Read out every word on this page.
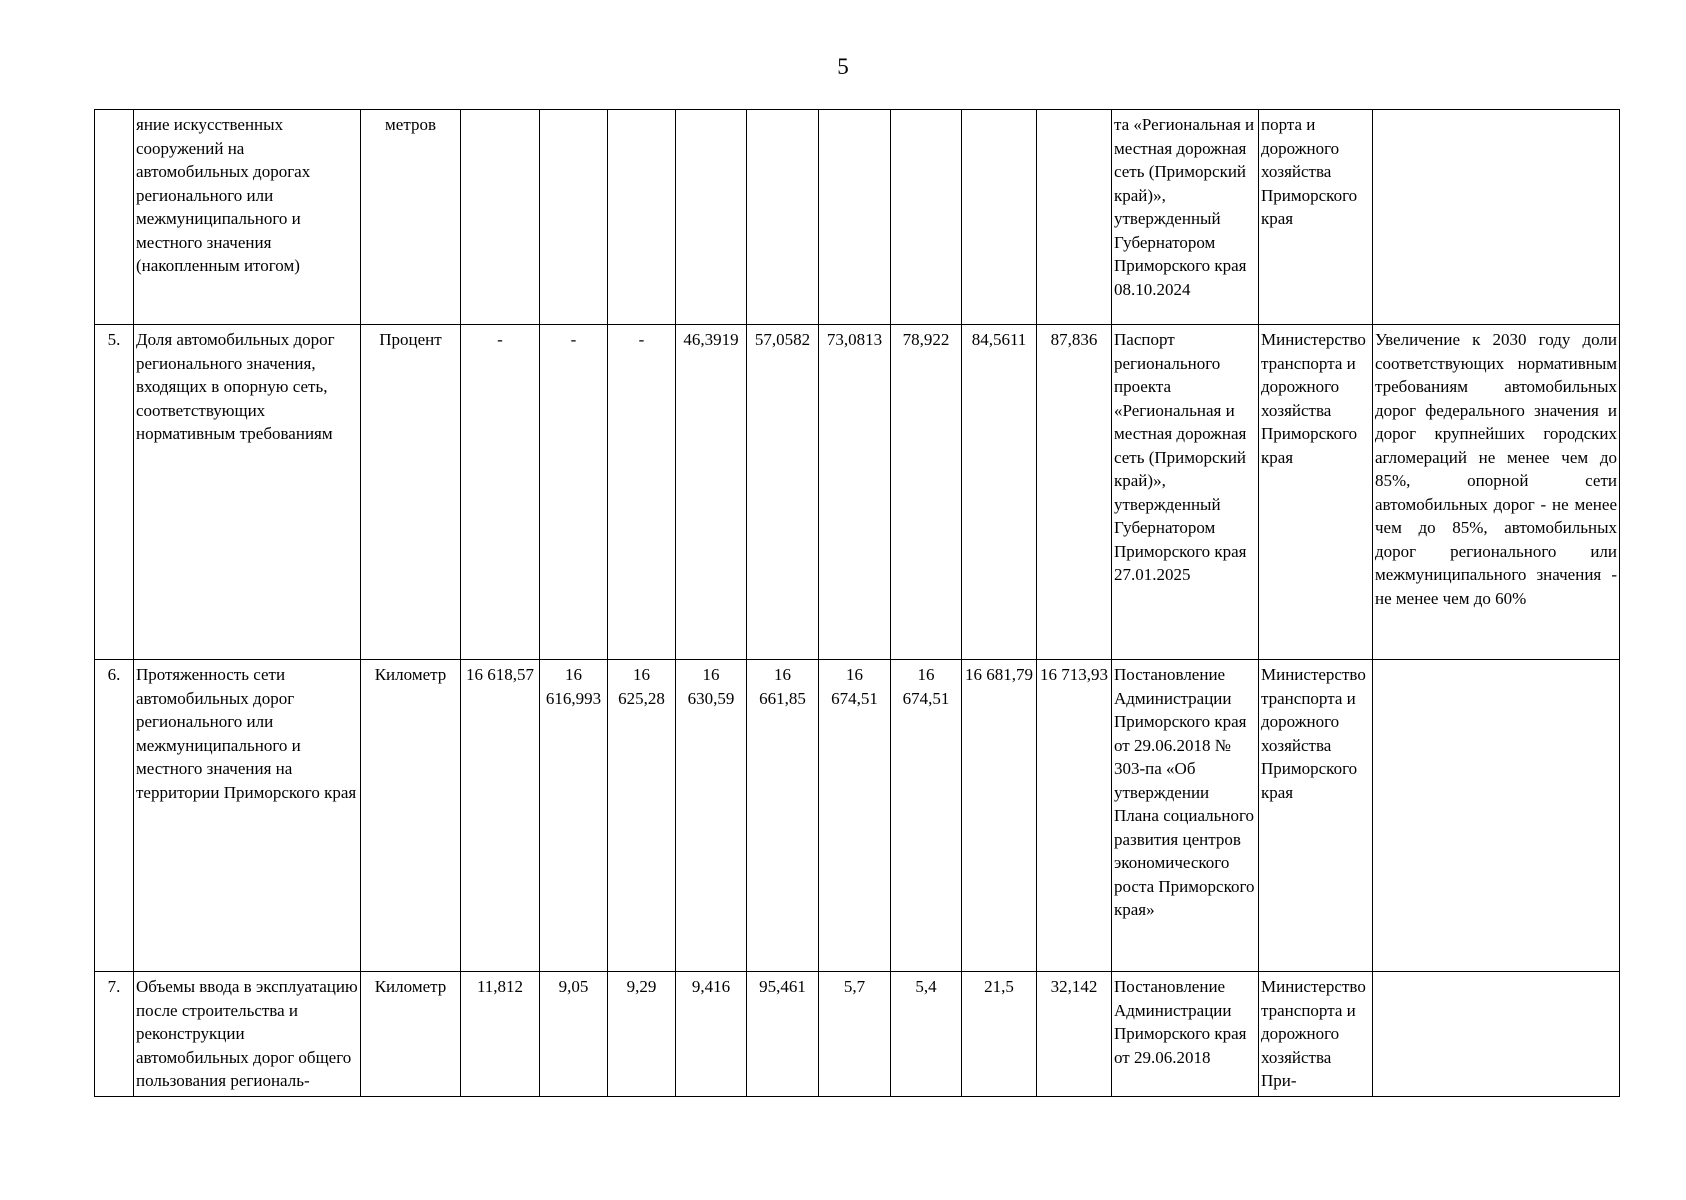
5
	яние искусственных сооружений на автомобильных дорогах регионального или межмуниципального и местного значения (накопленным итогом)	метров										та «Региональная и местная дорожная сеть (Приморский край)», утвержденный Губернатором Приморского края 08.10.2024	порта и дорожного хозяйства Приморского края	
5.	Доля автомобильных дорог регионального значения, входящих в опорную сеть, соответствующих нормативным требованиям	Процент	-	-	-	46,3919	57,0582	73,0813	78,922	84,5611	87,836	Паспорт регионального проекта «Региональная и местная дорожная сеть (Приморский край)», утвержденный Губернатором Приморского края 27.01.2025	Министерство транспорта и дорожного хозяйства Приморского края	Увеличение к 2030 году доли соответствующих нормативным требованиям автомобильных дорог федерального значения и дорог крупнейших городских агломераций не менее чем до 85%, опорной сети автомобильных дорог - не менее чем до 85%, автомобильных дорог регионального или межмуниципального значения - не менее чем до 60%
6.	Протяженность сети автомобильных дорог регионального или межмуниципального и местного значения на территории Приморского края	Километр	16 618,57	16 616,993	16 625,28	16 630,59	16 661,85	16 674,51	16 674,51	16 681,79	16 713,93	Постановление Администрации Приморского края от 29.06.2018 № 303-па «Об утверждении Плана социального развития центров экономического роста Приморского края»	Министерство транспорта и дорожного хозяйства Приморского края	
7.	Объемы ввода в эксплуатацию после строительства и реконструкции автомобильных дорог общего пользования региональ-	Километр	11,812	9,05	9,29	9,416	95,461	5,7	5,4	21,5	32,142	Постановление Администрации Приморского края от 29.06.2018	Министерство транспорта и дорожного хозяйства При-	
